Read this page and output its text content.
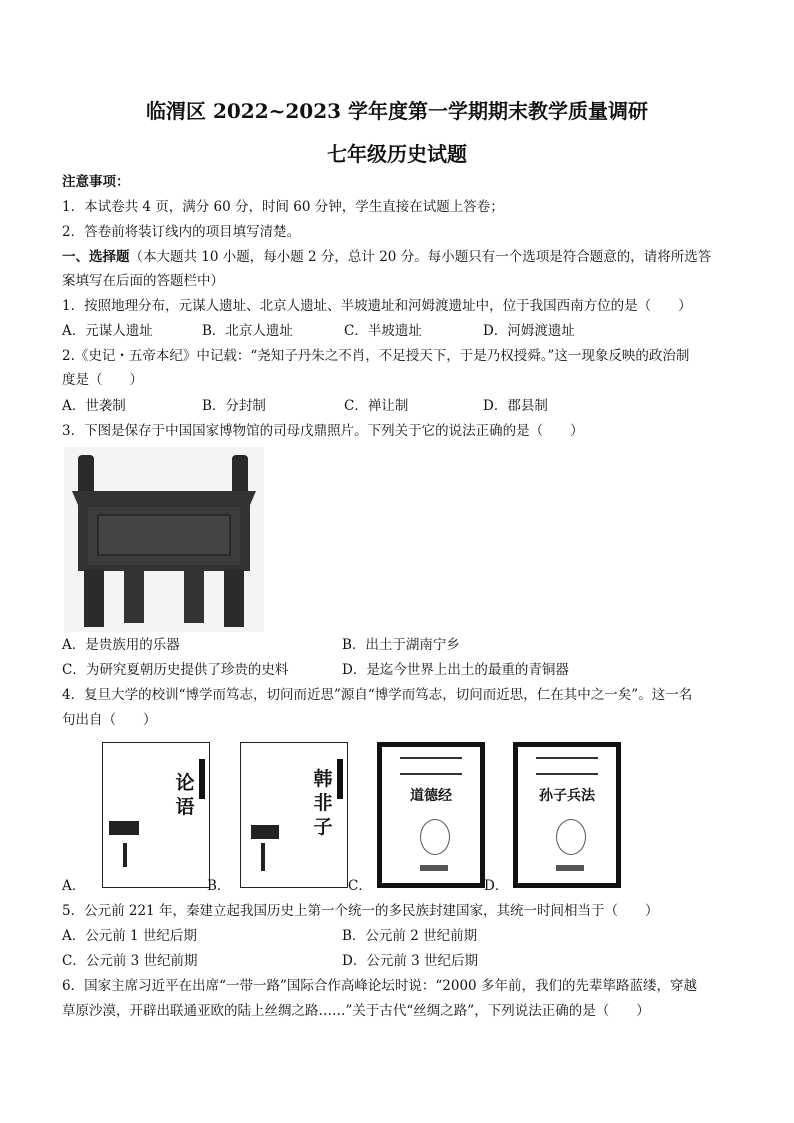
临渭区 2022~2023 学年度第一学期期末教学质量调研
七年级历史试题
注意事项：
1．本试卷共 4 页，满分 60 分，时间 60 分钟，学生直接在试题上答卷；
2．答卷前将装订线内的项目填写清楚。
一、选择题（本大题共 10 小题，每小题 2 分，总计 20 分。每小题只有一个选项是符合题意的，请将所选答
案填写在后面的答题栏中）
1．按照地理分布，元谋人遗址、北京人遗址、半坡遗址和河姆渡遗址中，位于我国西南方位的是（　　）
A．元谋人遗址	B．北京人遗址	C．半坡遗址	D．河姆渡遗址
2.《史记・五帝本纪》中记载：“尧知子丹朱之不肖，不足授天下，于是乃权授舜。”这一现象反映的政治制
度是（　　）
A．世袭制	B．分封制	C．禅让制	D．郡县制
3．下图是保存于中国国家博物馆的司母戊鼎照片。下列关于它的说法正确的是（　　）
A．是贵族用的乐器	B．出土于湖南宁乡
C．为研究夏朝历史提供了珍贵的史料	D．是迄今世界上出土的最重的青铜器
4．复旦大学的校训“博学而笃志，切问而近思”源自“博学而笃志，切问而近思，仁在其中之一矣”。这一名
句出自（　　）
5．公元前 221 年，秦建立起我国历史上第一个统一的多民族封建国家，其统一时间相当于（　　）
A．公元前 1 世纪后期	B．公元前 2 世纪前期
C．公元前 3 世纪前期	D．公元前 3 世纪后期
6．国家主席习近平在出席“一带一路”国际合作高峰论坛时说：“2000 多年前，我们的先辈筚路蓝缕，穿越
草原沙漠，开辟出联通亚欧的陆上丝绸之路……”关于古代“丝绸之路”，下列说法正确的是（　　）
论语
韩非子
道德经	孙子兵法
A．	B．	C．	D．
